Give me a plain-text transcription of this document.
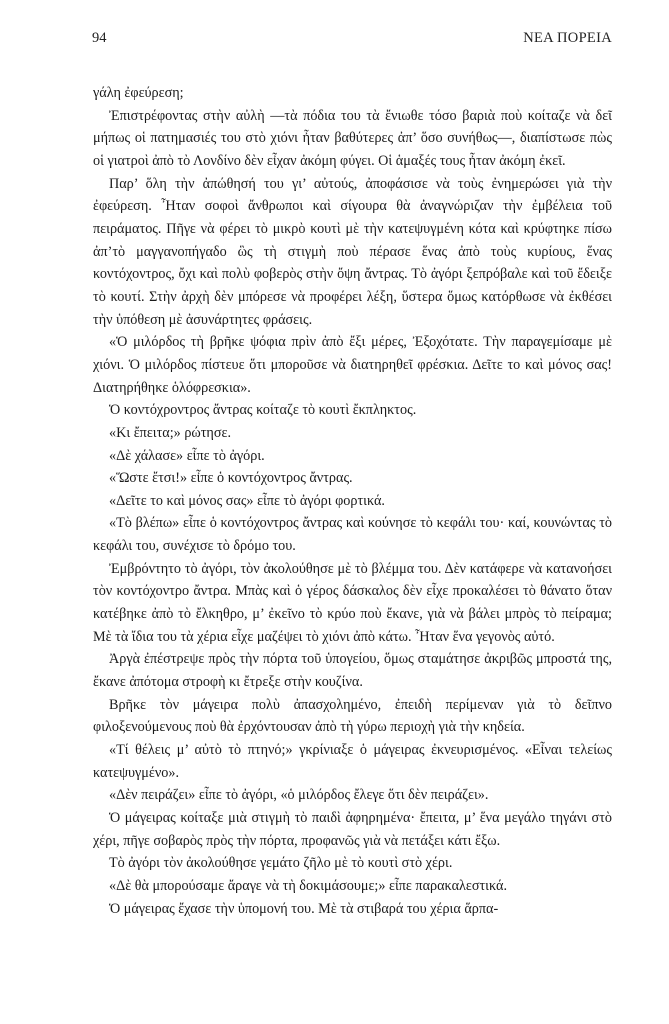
94	ΝΕΑ ΠΟΡΕΙΑ

γάλη ἐφεύρεση;

Ἐπιστρέφοντας στὴν αὐλὴ —τὰ πόδια του τὰ ἔνιωθε τόσο βαριὰ ποὺ κοίταζε νὰ δεῖ μήπως οἱ πατημασιές του στὸ χιόνι ἦταν βαθύτερες ἀπ’ ὅσο συνήθως—, διαπίστωσε πὼς οἱ γιατροὶ ἀπὸ τὸ Λονδίνο δὲν εἶχαν ἀκόμη φύγει. Οἱ ἁμαξές τους ἦταν ἀκόμη ἐκεῖ.

Παρ’ ὅλη τὴν ἀπώθησή του γι’ αὐτούς, ἀποφάσισε νὰ τοὺς ἐνημερώσει γιὰ τὴν ἐφεύρεση. Ἦταν σοφοὶ ἄνθρωποι καὶ σίγουρα θὰ ἀναγνώριζαν τὴν ἐμβέλεια τοῦ πειράματος. Πῆγε νὰ φέρει τὸ μικρὸ κουτὶ μὲ τὴν κατεψυγμένη κότα καὶ κρύφτηκε πίσω ἀπ’τὸ μαγγανοπήγαδο ὣς τὴ στιγμὴ ποὺ πέρασε ἕνας ἀπὸ τοὺς κυρίους, ἕνας κοντόχοντρος, ὄχι καὶ πολὺ φοβερὸς στὴν ὄψη ἄντρας. Τὸ ἀγόρι ξεπρόβαλε καὶ τοῦ ἔδειξε τὸ κουτί. Στὴν ἀρχὴ δὲν μπόρεσε νὰ προφέρει λέξη, ὕστερα ὅμως κατόρθωσε νὰ ἐκθέσει τὴν ὑπόθεση μὲ ἀσυνάρτητες φράσεις.

«Ὁ μιλόρδος τὴ βρῆκε ψόφια πρὶν ἀπὸ ἔξι μέρες, Ἐξοχότατε. Τὴν παραγεμίσαμε μὲ χιόνι. Ὁ μιλόρδος πίστευε ὅτι μποροῦσε νὰ διατηρηθεῖ φρέσκια. Δεῖτε το καὶ μόνος σας! Διατηρήθηκε ὁλόφρεσκια».

Ὁ κοντόχροντρος ἄντρας κοίταζε τὸ κουτὶ ἔκπληκτος.

«Κι ἔπειτα;» ρώτησε.

«Δὲ χάλασε» εἶπε τὸ ἀγόρι.

«Ὥστε ἔτσι!» εἶπε ὁ κοντόχοντρος ἄντρας.

«Δεῖτε το καὶ μόνος σας» εἶπε τὸ ἀγόρι φορτικά.

«Τὸ βλέπω» εἶπε ὁ κοντόχοντρος ἄντρας καὶ κούνησε τὸ κεφάλι του· καί, κουνώντας τὸ κεφάλι του, συνέχισε τὸ δρόμο του.

Ἐμβρόντητο τὸ ἀγόρι, τὸν ἀκολούθησε μὲ τὸ βλέμμα του. Δὲν κατάφερε νὰ κατανοήσει τὸν κοντόχοντρο ἄντρα. Μπὰς καὶ ὁ γέρος δάσκαλος δὲν εἶχε προκαλέσει τὸ θάνατο ὅταν κατέβηκε ἀπὸ τὸ ἔλκηθρο, μ’ ἐκεῖνο τὸ κρύο ποὺ ἔκανε, γιὰ νὰ βάλει μπρὸς τὸ πείραμα; Μὲ τὰ ἴδια του τὰ χέρια εἶχε μαζέψει τὸ χιόνι ἀπὸ κάτω. Ἦταν ἕνα γεγονὸς αὐτό.

Ἀργὰ ἐπέστρεψε πρὸς τὴν πόρτα τοῦ ὑπογείου, ὅμως σταμάτησε ἀκριβῶς μπροστά της, ἔκανε ἀπότομα στροφὴ κι ἔτρεξε στὴν κουζίνα.

Βρῆκε τὸν μάγειρα πολὺ ἀπασχολημένο, ἐπειδὴ περίμεναν γιὰ τὸ δεῖπνο φιλοξενούμενους ποὺ θὰ ἐρχόντουσαν ἀπὸ τὴ γύρω περιοχὴ γιὰ τὴν κηδεία.

«Τί θέλεις μ’ αὐτὸ τὸ πτηνό;» γκρίνιαξε ὁ μάγειρας ἐκνευρισμένος. «Εἶναι τελείως κατεψυγμένο».

«Δὲν πειράζει» εἶπε τὸ ἀγόρι, «ὁ μιλόρδος ἔλεγε ὅτι δὲν πειράζει».

Ὁ μάγειρας κοίταξε μιὰ στιγμὴ τὸ παιδὶ ἀφηρημένα· ἔπειτα, μ’ ἕνα μεγάλο τηγάνι στὸ χέρι, πῆγε σοβαρὸς πρὸς τὴν πόρτα, προφανῶς γιὰ νὰ πετάξει κάτι ἔξω.

Τὸ ἀγόρι τὸν ἀκολούθησε γεμάτο ζῆλο μὲ τὸ κουτὶ στὸ χέρι.

«Δὲ θὰ μπορούσαμε ἄραγε νὰ τὴ δοκιμάσουμε;» εἶπε παρακαλεστικά.

Ὁ μάγειρας ἔχασε τὴν ὑπομονή του. Μὲ τὰ στιβαρά του χέρια ἅρπα-
